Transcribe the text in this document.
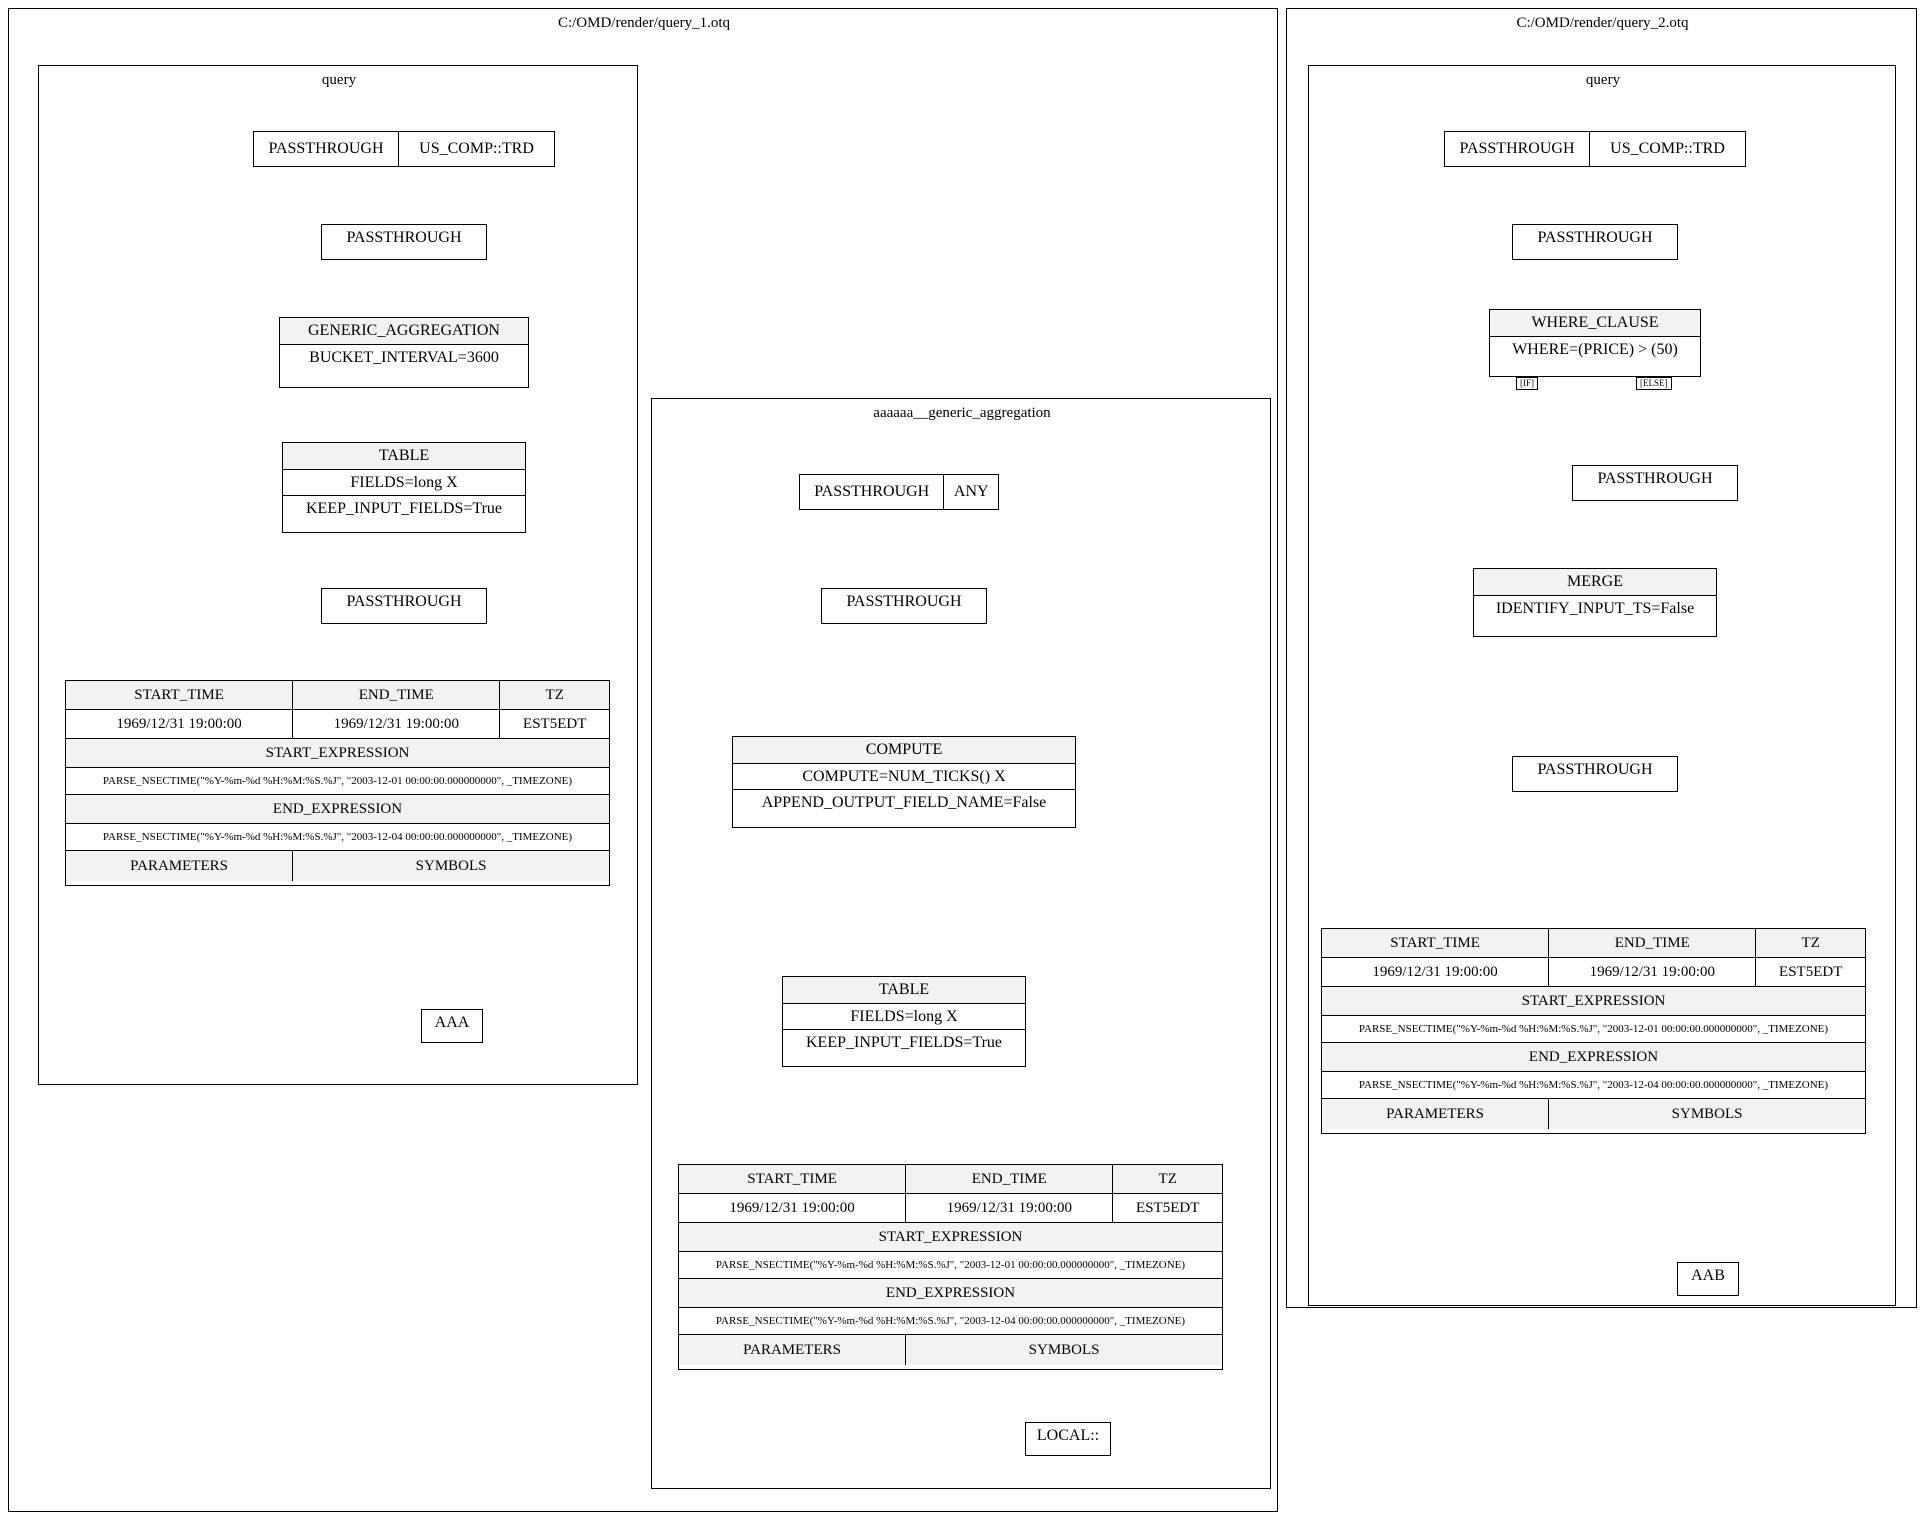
C:/OMD/render/query_1.otq
query
PASSTHROUGH	US_COMP::TRD
PASSTHROUGH
GENERIC_AGGREGATION
BUCKET_INTERVAL=3600
TABLE
FIELDS=long X
KEEP_INPUT_FIELDS=True
PASSTHROUGH
START_TIME	END_TIME	TZ
1969/12/31 19:00:00	1969/12/31 19:00:00	EST5EDT
START_EXPRESSION
PARSE_NSECTIME("%Y-%m-%d %H:%M:%S.%J", "2003-12-01 00:00:00.000000000", _TIMEZONE)
END_EXPRESSION
PARSE_NSECTIME("%Y-%m-%d %H:%M:%S.%J", "2003-12-04 00:00:00.000000000", _TIMEZONE)
PARAMETERS	SYMBOLS
AAA
aaaaaa__generic_aggregation
PASSTHROUGH	ANY
PASSTHROUGH
COMPUTE
COMPUTE=NUM_TICKS() X
APPEND_OUTPUT_FIELD_NAME=False
TABLE
FIELDS=long X
KEEP_INPUT_FIELDS=True
START_TIME	END_TIME	TZ
1969/12/31 19:00:00	1969/12/31 19:00:00	EST5EDT
START_EXPRESSION
PARSE_NSECTIME("%Y-%m-%d %H:%M:%S.%J", "2003-12-01 00:00:00.000000000", _TIMEZONE)
END_EXPRESSION
PARSE_NSECTIME("%Y-%m-%d %H:%M:%S.%J", "2003-12-04 00:00:00.000000000", _TIMEZONE)
PARAMETERS	SYMBOLS
LOCAL::
C:/OMD/render/query_2.otq
query
PASSTHROUGH	US_COMP::TRD
PASSTHROUGH
WHERE_CLAUSE
WHERE=(PRICE) > (50)
[IF]	[ELSE]
PASSTHROUGH
MERGE
IDENTIFY_INPUT_TS=False
PASSTHROUGH
START_TIME	END_TIME	TZ
1969/12/31 19:00:00	1969/12/31 19:00:00	EST5EDT
START_EXPRESSION
PARSE_NSECTIME("%Y-%m-%d %H:%M:%S.%J", "2003-12-01 00:00:00.000000000", _TIMEZONE)
END_EXPRESSION
PARSE_NSECTIME("%Y-%m-%d %H:%M:%S.%J", "2003-12-04 00:00:00.000000000", _TIMEZONE)
PARAMETERS	SYMBOLS
AAB
